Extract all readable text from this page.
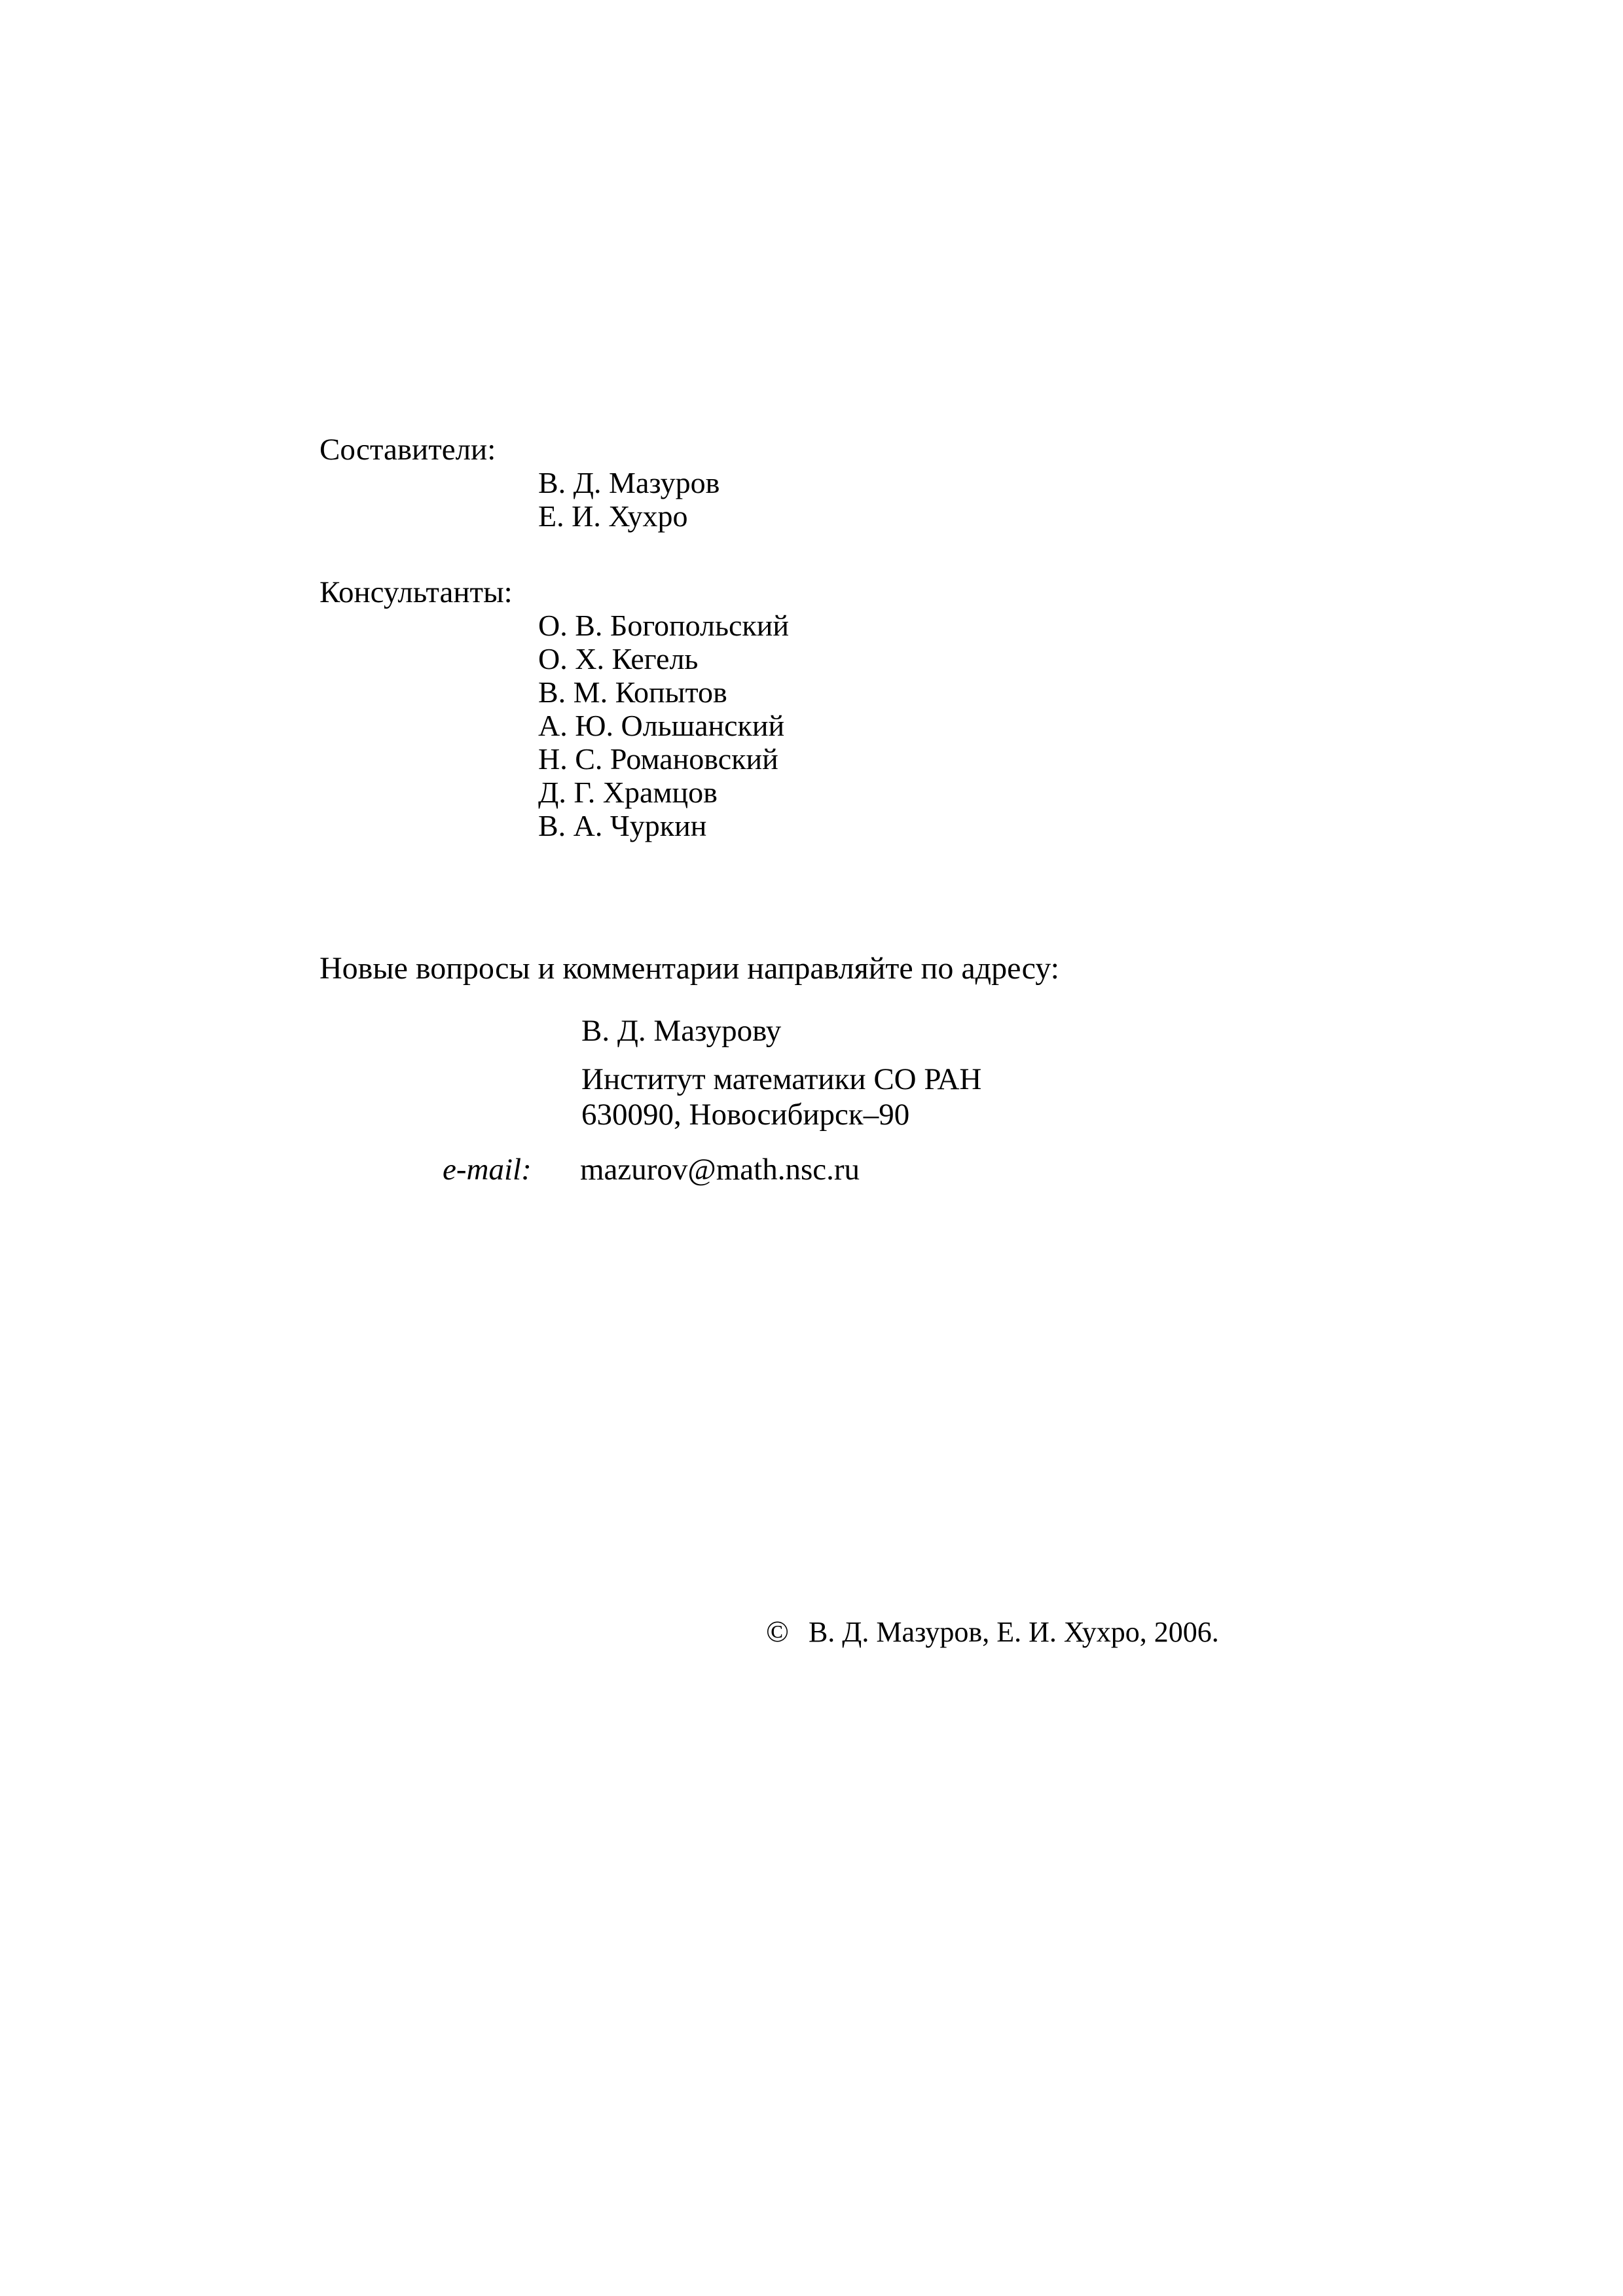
Составители:
В. Д. Мазуров
Е. И. Хухро
Консультанты:
О. В. Богопольский
О. Х. Кегель
В. М. Копытов
А. Ю. Ольшанский
Н. С. Романовский
Д. Г. Храмцов
В. А. Чуркин
Новые вопросы и комментарии направляйте по адресу:
В. Д. Мазурову
Институт математики СО РАН
630090, Новосибирск–90
e-mail: mazurov@math.nsc.ru
© В. Д. Мазуров, Е. И. Хухро, 2006.
